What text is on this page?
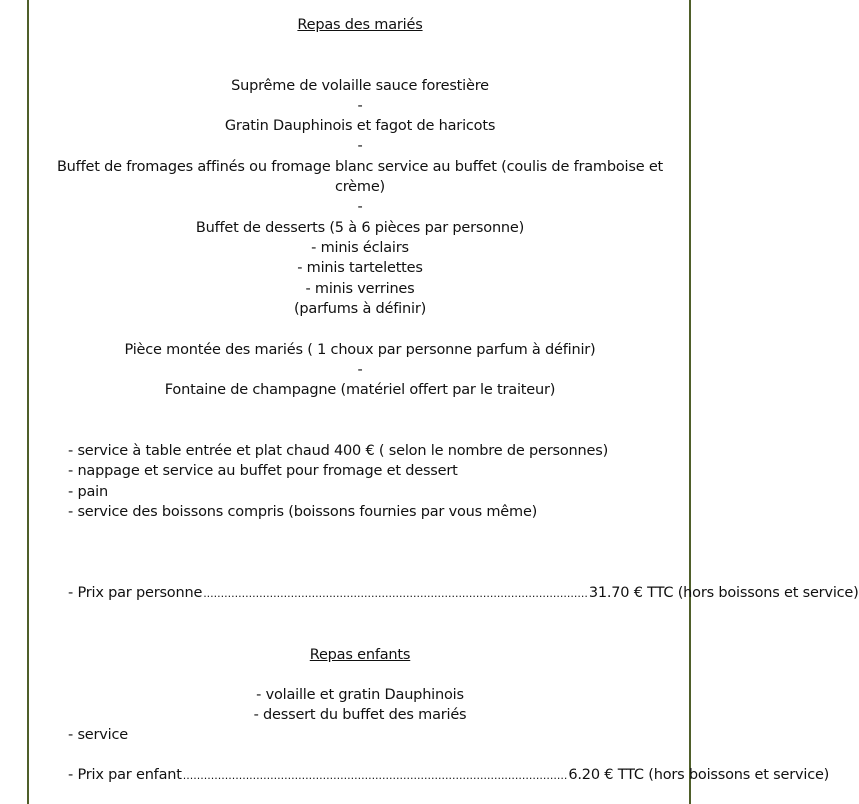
Repas des mariés
Suprême de volaille sauce forestière
-
Gratin Dauphinois et fagot de haricots
-
Buffet de fromages affinés ou fromage blanc service au buffet (coulis de framboise et
crème)
-
Buffet de desserts (5 à 6 pièces par personne)
- minis éclairs
- minis tartelettes
- minis verrines
(parfums à définir)
Pièce montée des mariés ( 1 choux par personne parfum à définir)
-
Fontaine de champagne (matériel offert par le traiteur)
- service à table entrée et plat chaud 400 € ( selon le nombre de personnes)
- nappage et service au buffet pour fromage et dessert
- pain
- service des boissons compris (boissons fournies par vous même)
- Prix par personne .............................................................................................................. 31.70 € TTC (hors boissons et service)
Repas enfants
- volaille et gratin Dauphinois
- dessert du buffet des mariés
- service
- Prix par enfant .............................................................................................................. 6.20 € TTC (hors boissons et service)
